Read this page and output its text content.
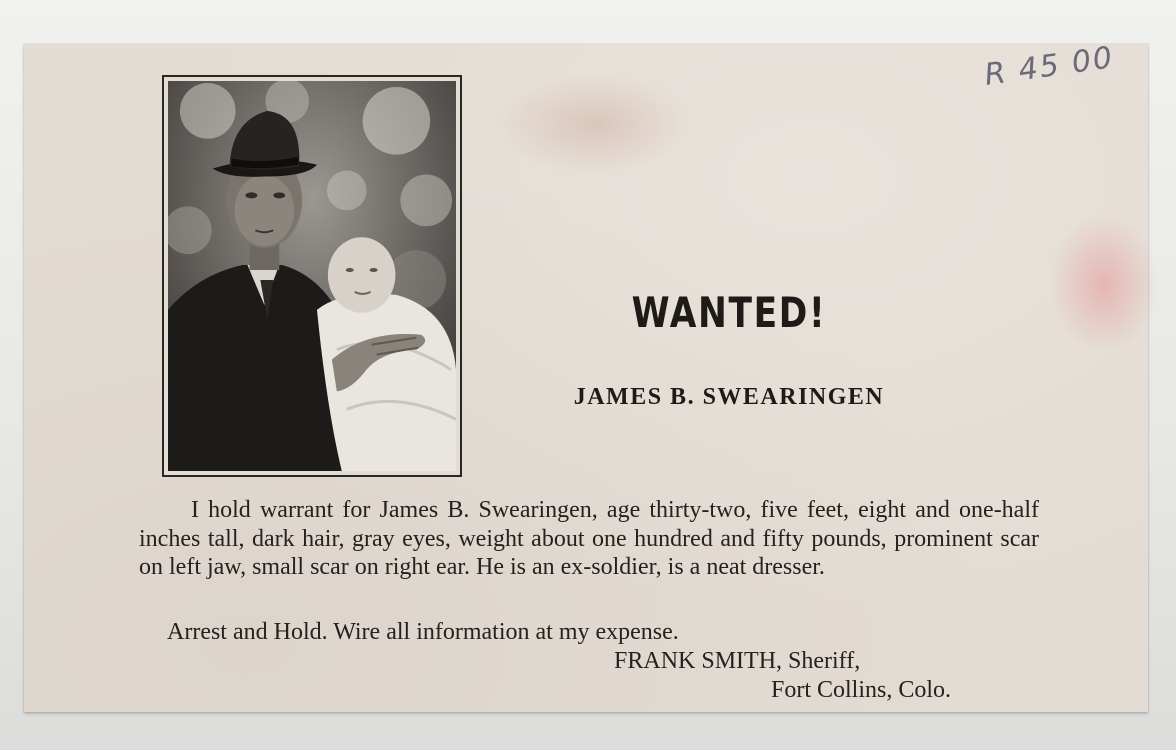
R 45 00
WANTED!
JAMES B. SWEARINGEN

I hold warrant for James B. Swearingen, age thirty-two, five feet, eight and one-half inches tall, dark hair, gray eyes, weight about one hundred and fifty pounds, prominent scar on left jaw, small scar on right ear. He is an ex-soldier, is a neat dresser.

Arrest and Hold. Wire all information at my expense.

FRANK SMITH, Sheriff,
Fort Collins, Colo.
